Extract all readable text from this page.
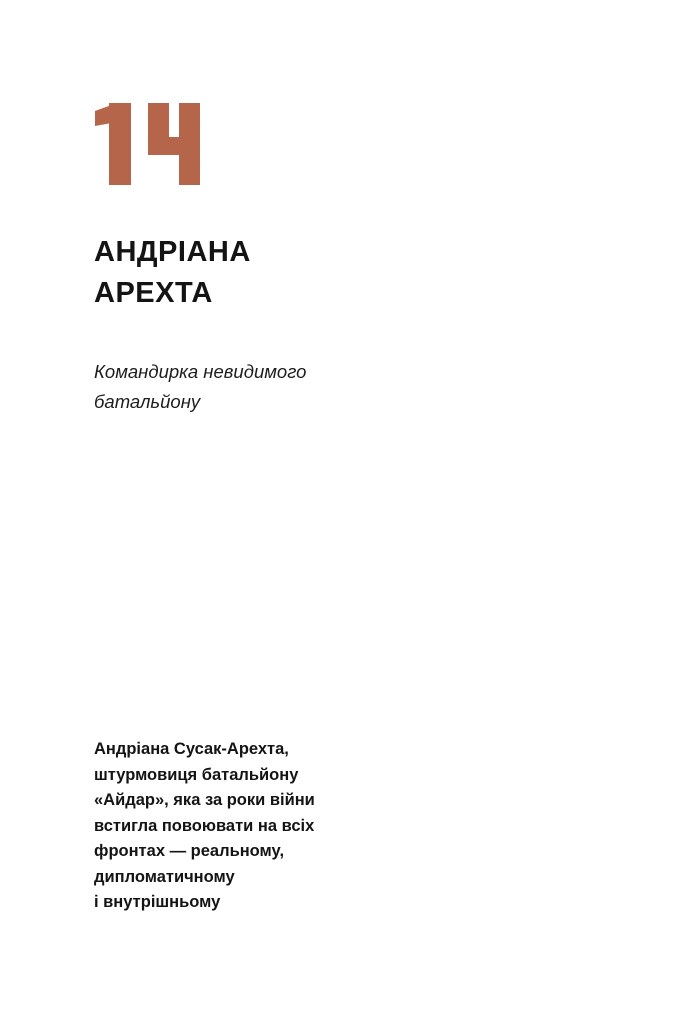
АНДРІАНА
АРЕХТА
Командирка невидимого
батальйону
Андріана Сусак-Арехта,
штурмовиця батальйону
«Айдар», яка за роки війни
встигла повоювати на всіх
фронтах — реальному,
дипломатичному
і внутрішньому
